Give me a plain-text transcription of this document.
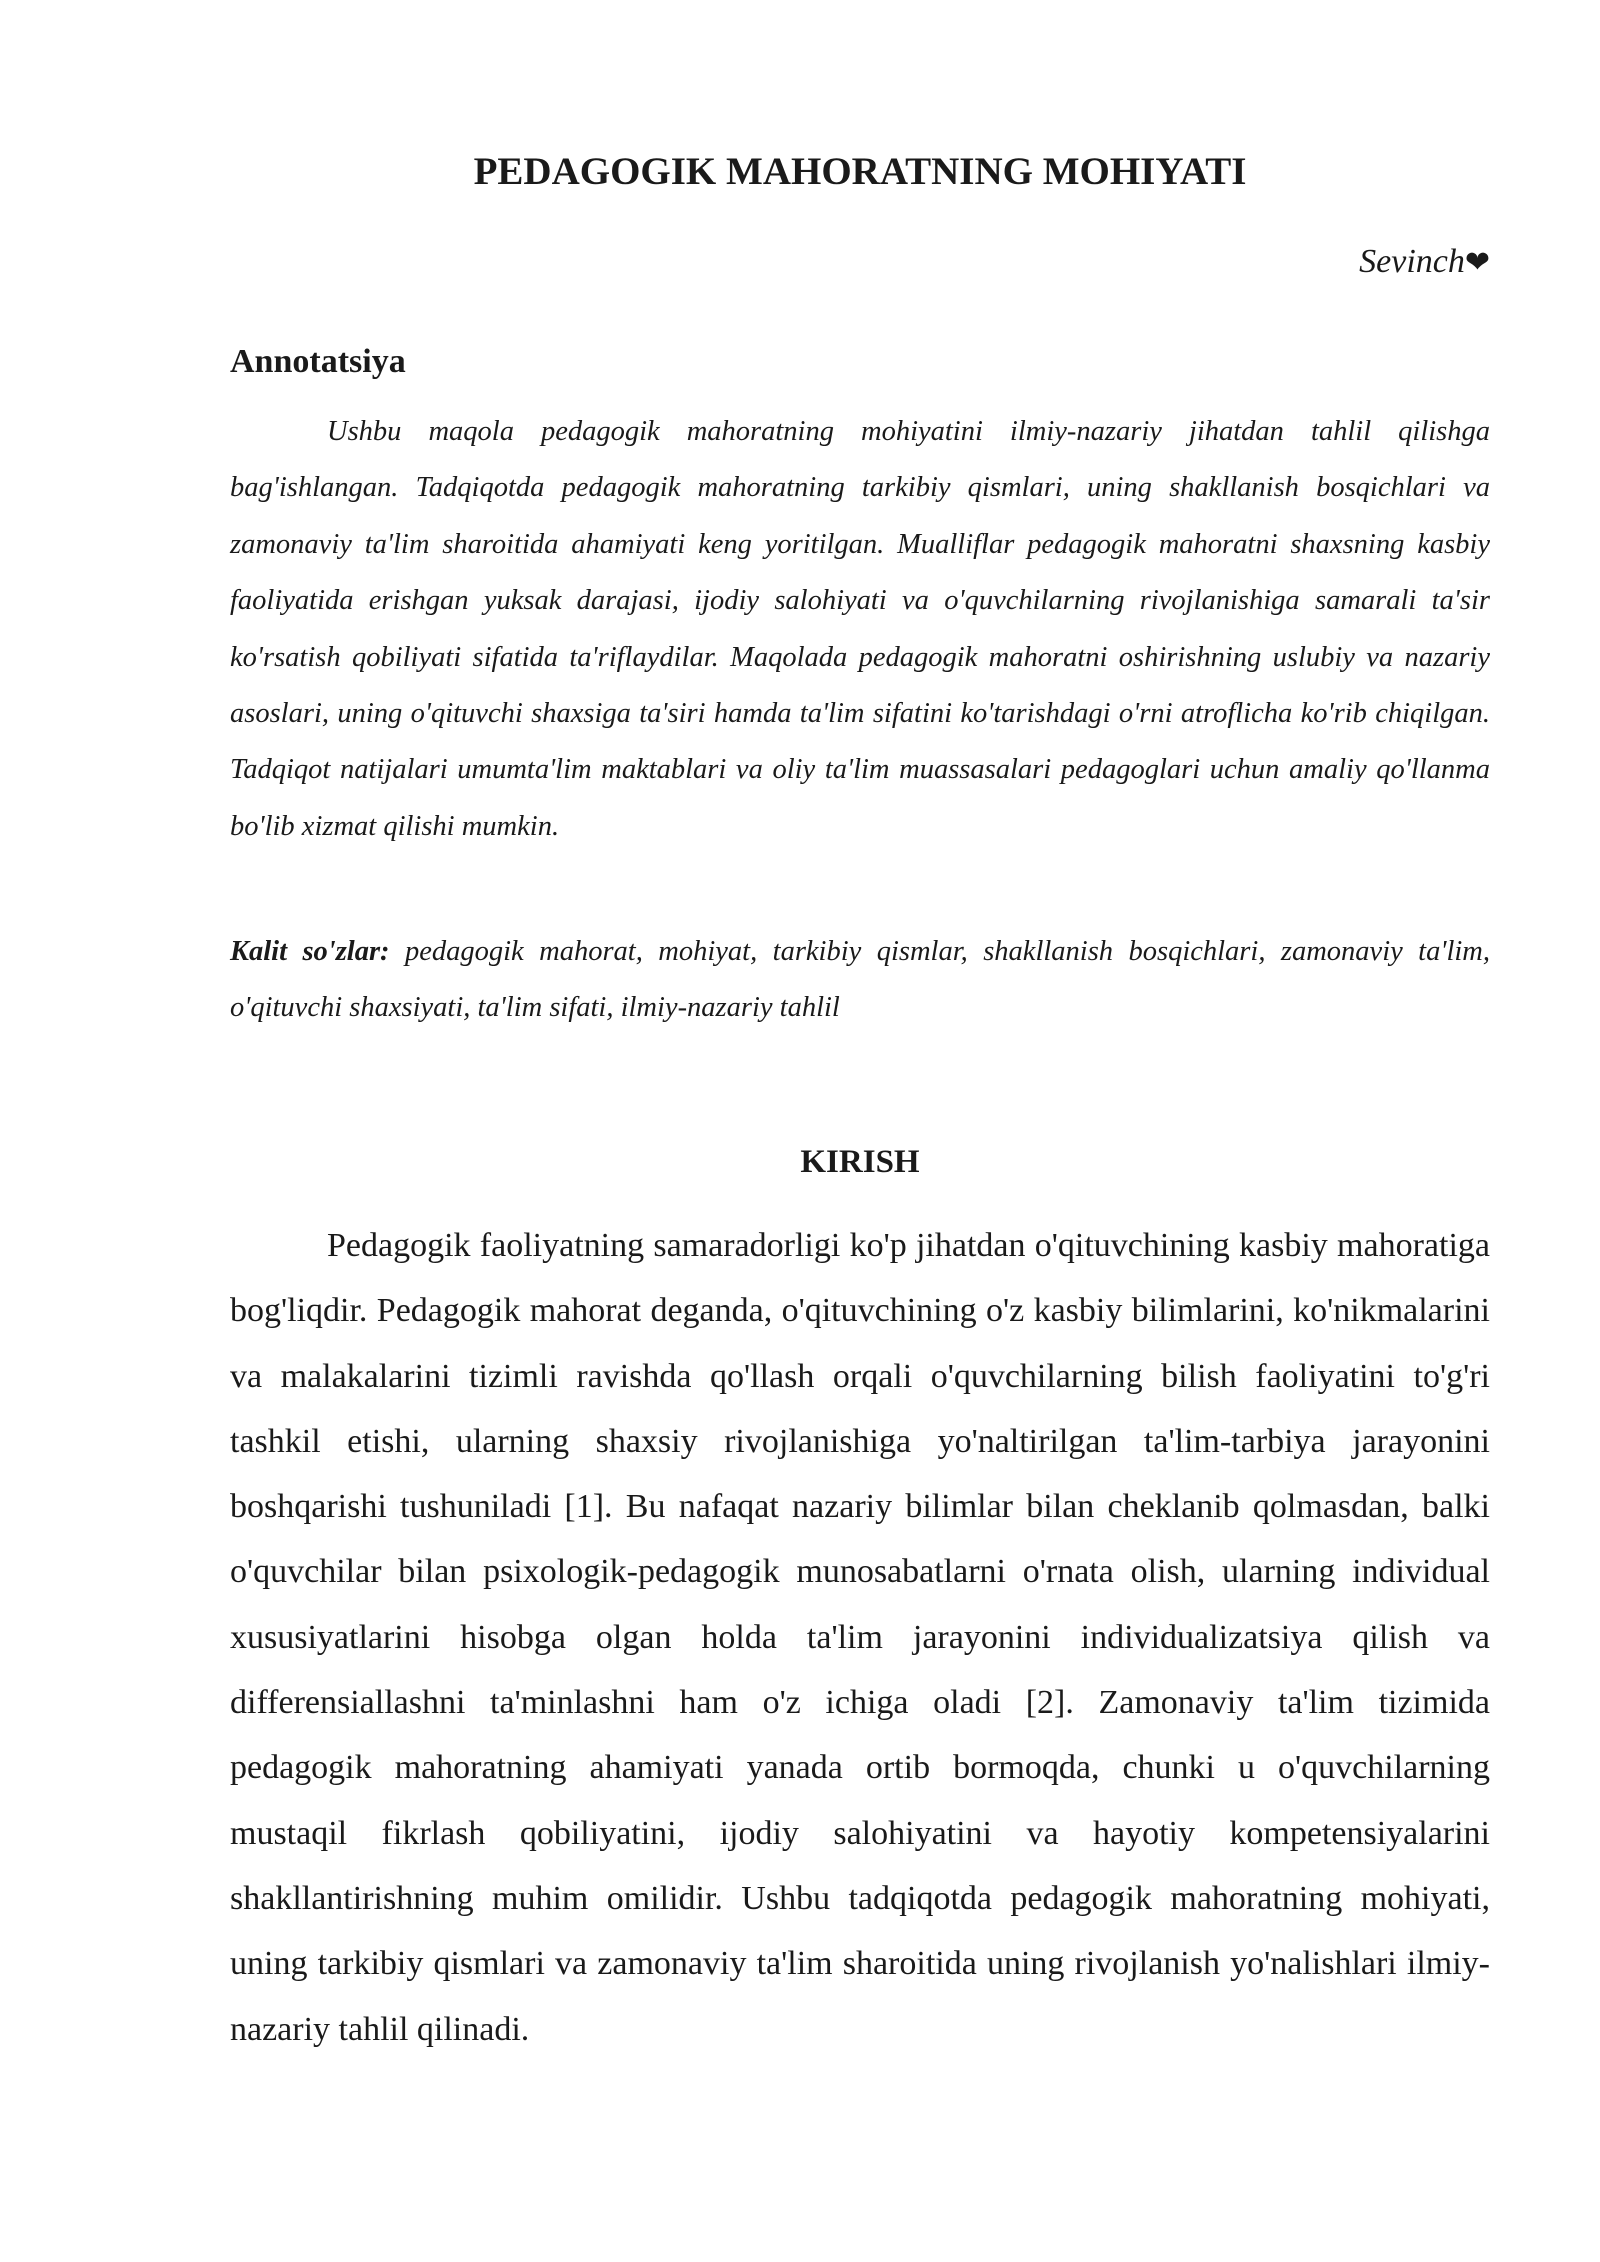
PEDAGOGIK MAHORATNING MOHIYATI

Sevinch❤

Annotatsiya

Ushbu maqola pedagogik mahoratning mohiyatini ilmiy-nazariy jihatdan tahlil qilishga bag'ishlangan. Tadqiqotda pedagogik mahoratning tarkibiy qismlari, uning shakllanish bosqichlari va zamonaviy ta'lim sharoitida ahamiyati keng yoritilgan. Mualliflar pedagogik mahoratni shaxsning kasbiy faoliyatida erishgan yuksak darajasi, ijodiy salohiyati va o'quvchilarning rivojlanishiga samarali ta'sir ko'rsatish qobiliyati sifatida ta'riflaydilar. Maqolada pedagogik mahoratni oshirishning uslubiy va nazariy asoslari, uning o'qituvchi shaxsiga ta'siri hamda ta'lim sifatini ko'tarishdagi o'rni atroflicha ko'rib chiqilgan. Tadqiqot natijalari umumta'lim maktablari va oliy ta'lim muassasalari pedagoglari uchun amaliy qo'llanma bo'lib xizmat qilishi mumkin.

Kalit so'zlar: pedagogik mahorat, mohiyat, tarkibiy qismlar, shakllanish bosqichlari, zamonaviy ta'lim, o'qituvchi shaxsiyati, ta'lim sifati, ilmiy-nazariy tahlil

KIRISH

Pedagogik faoliyatning samaradorligi ko'p jihatdan o'qituvchining kasbiy mahoratiga bog'liqdir. Pedagogik mahorat deganda, o'qituvchining o'z kasbiy bilimlarini, ko'nikmalarini va malakalarini tizimli ravishda qo'llash orqali o'quvchilarning bilish faoliyatini to'g'ri tashkil etishi, ularning shaxsiy rivojlanishiga yo'naltirilgan ta'lim-tarbiya jarayonini boshqarishi tushuniladi [1]. Bu nafaqat nazariy bilimlar bilan cheklanib qolmasdan, balki o'quvchilar bilan psixologik-pedagogik munosabatlarni o'rnata olish, ularning individual xususiyatlarini hisobga olgan holda ta'lim jarayonini individualizatsiya qilish va differensiallashni ta'minlashni ham o'z ichiga oladi [2]. Zamonaviy ta'lim tizimida pedagogik mahoratning ahamiyati yanada ortib bormoqda, chunki u o'quvchilarning mustaqil fikrlash qobiliyatini, ijodiy salohiyatini va hayotiy kompetensiyalarini shakllantirishning muhim omilidir. Ushbu tadqiqotda pedagogik mahoratning mohiyati, uning tarkibiy qismlari va zamonaviy ta'lim sharoitida uning rivojlanish yo'nalishlari ilmiy-nazariy tahlil qilinadi.
